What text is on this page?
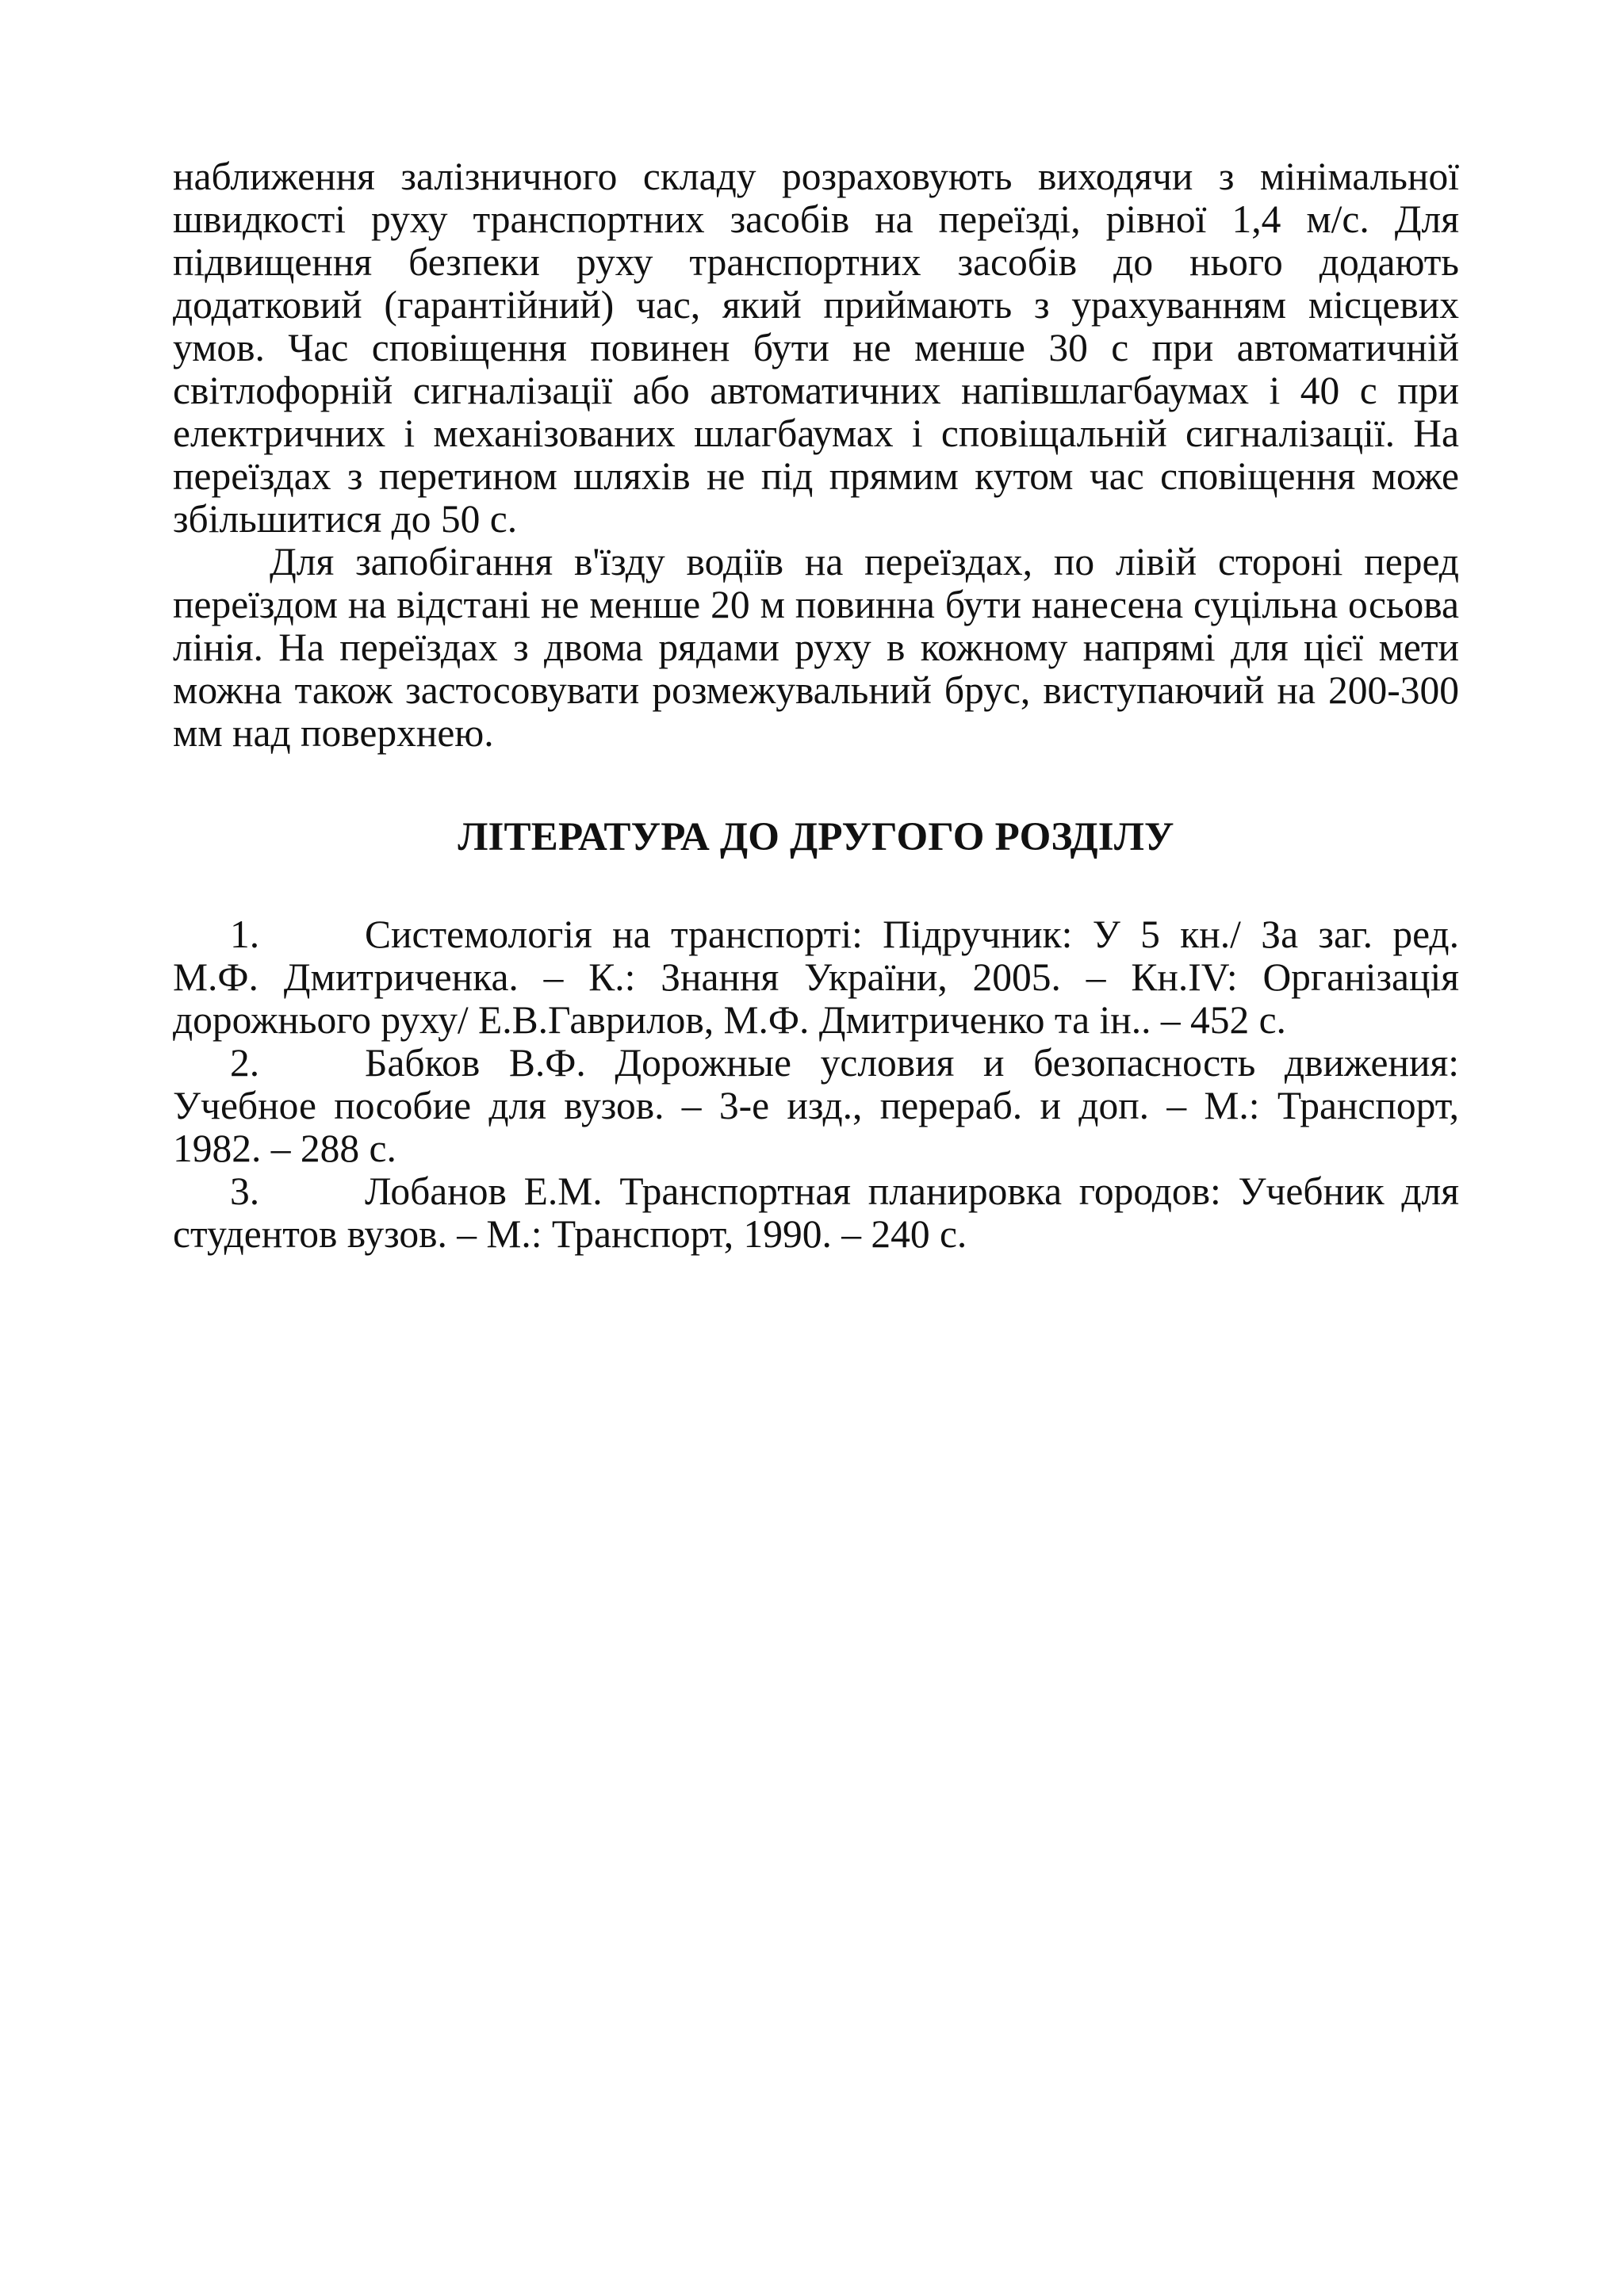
наближення залізничного складу розраховують виходячи з мінімальної швидкості руху транспортних засобів на переїзді, рівної 1,4 м/с. Для підвищення безпеки руху транспортних засобів до нього додають додатковий (гарантійний) час, який приймають з урахуванням місцевих умов. Час сповіщення повинен бути не менше 30 с при автоматичній світлофорній сигналізації або автоматичних напівшлагбаумах і 40 с при електричних і механізованих шлагбаумах і сповіщальній сигналізації. На переїздах з перетином шляхів не під прямим кутом час сповіщення може збільшитися до 50 с.

Для запобігання в'їзду водіїв на переїздах, по лівій стороні перед переїздом на відстані не менше 20 м повинна бути нанесена суцільна осьова лінія. На переїздах з двома рядами руху в кожному напрямі для цієї мети можна також застосовувати розмежувальний брус, виступаючий на 200-300 мм над поверхнею.

ЛІТЕРАТУРА ДО ДРУГОГО РОЗДІЛУ

1.	Системологія на транспорті: Підручник: У 5 кн./ За заг. ред. М.Ф. Дмитриченка. – К.: Знання України, 2005. – Кн.IV: Організація дорожнього руху/ Е.В.Гаврилов, М.Ф. Дмитриченко та ін.. – 452 с.

2.	Бабков В.Ф. Дорожные условия и безопасность движения: Учебное пособие для вузов. – 3-е изд., перераб. и доп. – М.: Транспорт, 1982. – 288 с.

3.	Лобанов Е.М. Транспортная планировка городов: Учебник для студентов вузов. – М.: Транспорт, 1990. – 240 с.
